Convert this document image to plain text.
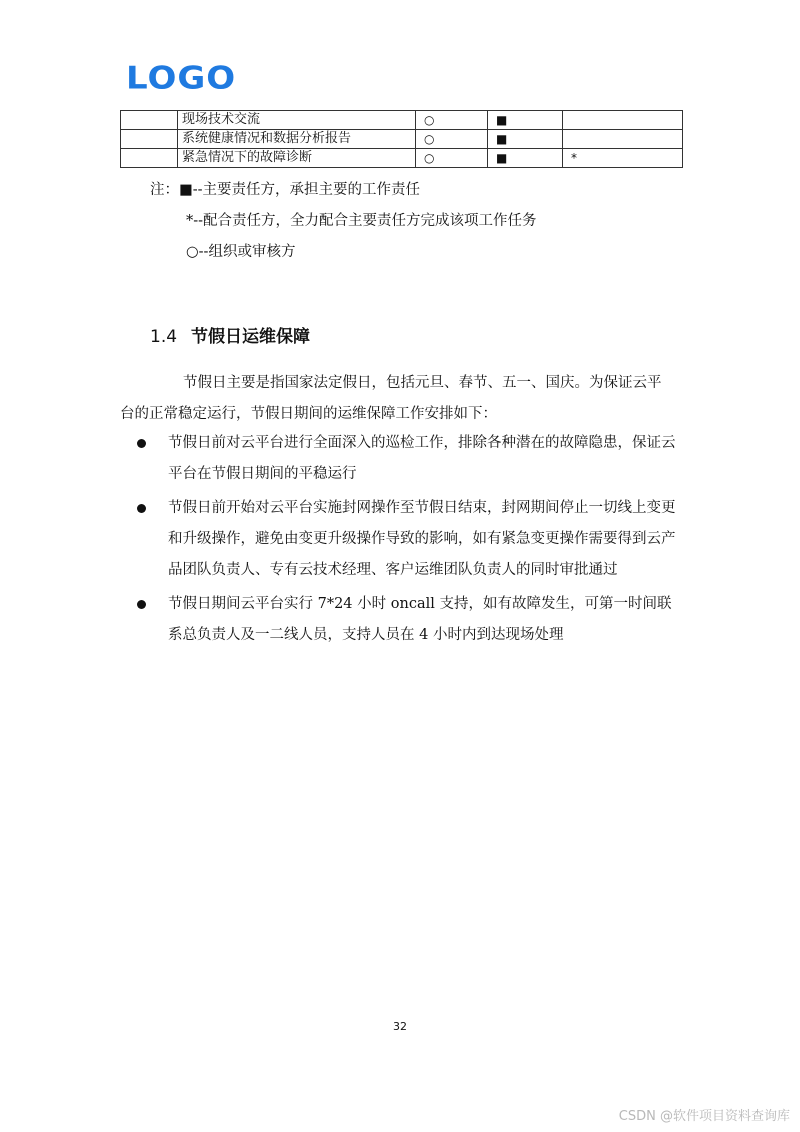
LOGO
	现场技术交流	○	■	
	系统健康情况和数据分析报告	○	■	
	紧急情况下的故障诊断	○	■	*
注：■--主要责任方，承担主要的工作责任
*--配合责任方，全力配合主要责任方完成该项工作任务
○--组织或审核方
1.4 节假日运维保障

节假日主要是指国家法定假日，包括元旦、春节、五一、国庆。为保证云平台的正常稳定运行，节假日期间的运维保障工作安排如下：

节假日前对云平台进行全面深入的巡检工作，排除各种潜在的故障隐患，保证云平台在节假日期间的平稳运行
节假日前开始对云平台实施封网操作至节假日结束，封网期间停止一切线上变更和升级操作，避免由变更升级操作导致的影响，如有紧急变更操作需要得到云产品团队负责人、专有云技术经理、客户运维团队负责人的同时审批通过
节假日期间云平台实行 7*24 小时 oncall 支持，如有故障发生，可第一时间联系总负责人及一二线人员，支持人员在 4 小时内到达现场处理
32
CSDN @软件项目资料查询库
